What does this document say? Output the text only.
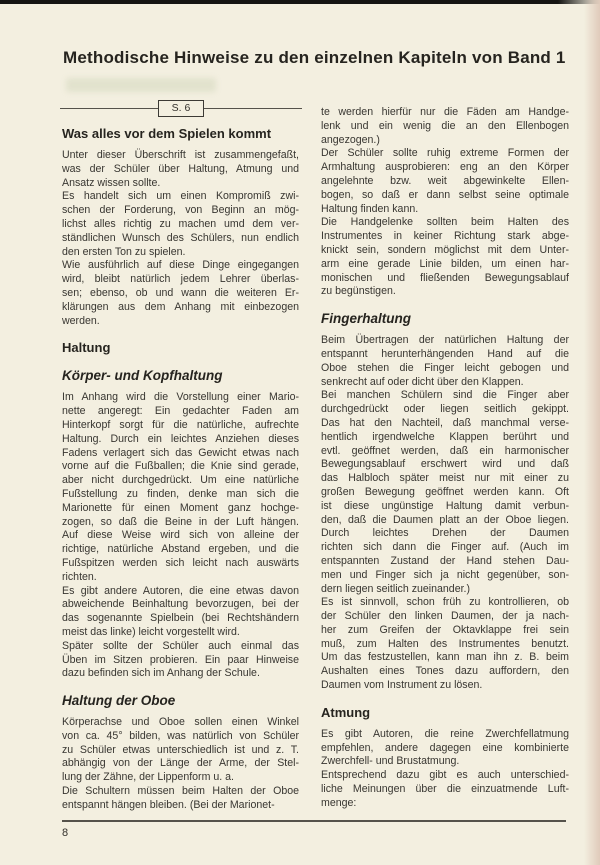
Methodische Hinweise zu den einzelnen Kapiteln von Band 1
S. 6
Was alles vor dem Spielen kommt
Unter dieser Überschrift ist zusammengefaßt,
was der Schüler über Haltung, Atmung und
Ansatz wissen sollte.
Es handelt sich um einen Kompromiß zwi-
schen der Forderung, von Beginn an mög-
lichst alles richtig zu machen umd dem ver-
ständlichen Wunsch des Schülers, nun endlich
den ersten Ton zu spielen.
Wie ausführlich auf diese Dinge eingegangen
wird, bleibt natürlich jedem Lehrer überlas-
sen; ebenso, ob und wann die weiteren Er-
klärungen aus dem Anhang mit einbezogen
werden.
Haltung
Körper- und Kopfhaltung
Im Anhang wird die Vorstellung einer Mario-
nette angeregt: Ein gedachter Faden am
Hinterkopf sorgt für die natürliche, aufrechte
Haltung. Durch ein leichtes Anziehen dieses
Fadens verlagert sich das Gewicht etwas nach
vorne auf die Fußballen; die Knie sind gerade,
aber nicht durchgedrückt. Um eine natürliche
Fußstellung zu finden, denke man sich die
Marionette für einen Moment ganz hochge-
zogen, so daß die Beine in der Luft hängen.
Auf diese Weise wird sich von alleine der
richtige, natürliche Abstand ergeben, und die
Fußspitzen werden sich leicht nach auswärts
richten.
Es gibt andere Autoren, die eine etwas davon
abweichende Beinhaltung bevorzugen, bei der
das sogenannte Spielbein (bei Rechtshändern
meist das linke) leicht vorgestellt wird.
Später sollte der Schüler auch einmal das
Üben im Sitzen probieren. Ein paar Hinweise
dazu befinden sich im Anhang der Schule.
Haltung der Oboe
Körperachse und Oboe sollen einen Winkel
von ca. 45° bilden, was natürlich von Schüler
zu Schüler etwas unterschiedlich ist und z. T.
abhängig von der Länge der Arme, der Stel-
lung der Zähne, der Lippenform u. a.
Die Schultern müssen beim Halten der Oboe
entspannt hängen bleiben. (Bei der Marionet-
te werden hierfür nur die Fäden am Handge-
lenk und ein wenig die an den Ellenbogen
angezogen.)
Der Schüler sollte ruhig extreme Formen der
Armhaltung ausprobieren: eng an den Körper
angelehnte bzw. weit abgewinkelte Ellen-
bogen, so daß er dann selbst seine optimale
Haltung finden kann.
Die Handgelenke sollten beim Halten des
Instrumentes in keiner Richtung stark abge-
knickt sein, sondern möglichst mit dem Unter-
arm eine gerade Linie bilden, um einen har-
monischen und fließenden Bewegungsablauf
zu begünstigen.
Fingerhaltung
Beim Übertragen der natürlichen Haltung der
entspannt herunterhängenden Hand auf die
Oboe stehen die Finger leicht gebogen und
senkrecht auf oder dicht über den Klappen.
Bei manchen Schülern sind die Finger aber
durchgedrückt oder liegen seitlich gekippt.
Das hat den Nachteil, daß manchmal verse-
hentlich irgendwelche Klappen berührt und
evtl. geöffnet werden, daß ein harmonischer
Bewegungsablauf erschwert wird und daß
das Halbloch später meist nur mit einer zu
großen Bewegung geöffnet werden kann. Oft
ist diese ungünstige Haltung damit verbun-
den, daß die Daumen platt an der Oboe liegen.
Durch leichtes Drehen der Daumen
richten sich dann die Finger auf. (Auch im
entspannten Zustand der Hand stehen Dau-
men und Finger sich ja nicht gegenüber, son-
dern liegen seitlich zueinander.)
Es ist sinnvoll, schon früh zu kontrollieren, ob
der Schüler den linken Daumen, der ja nach-
her zum Greifen der Oktavklappe frei sein
muß, zum Halten des Instrumentes benutzt.
Um das festzustellen, kann man ihn z. B. beim
Aushalten eines Tones dazu auffordern, den
Daumen vom Instrument zu lösen.
Atmung
Es gibt Autoren, die reine Zwerchfellatmung
empfehlen, andere dagegen eine kombinierte
Zwerchfell- und Brustatmung.
Entsprechend dazu gibt es auch unterschied-
liche Meinungen über die einzuatmende Luft-
menge:
8
